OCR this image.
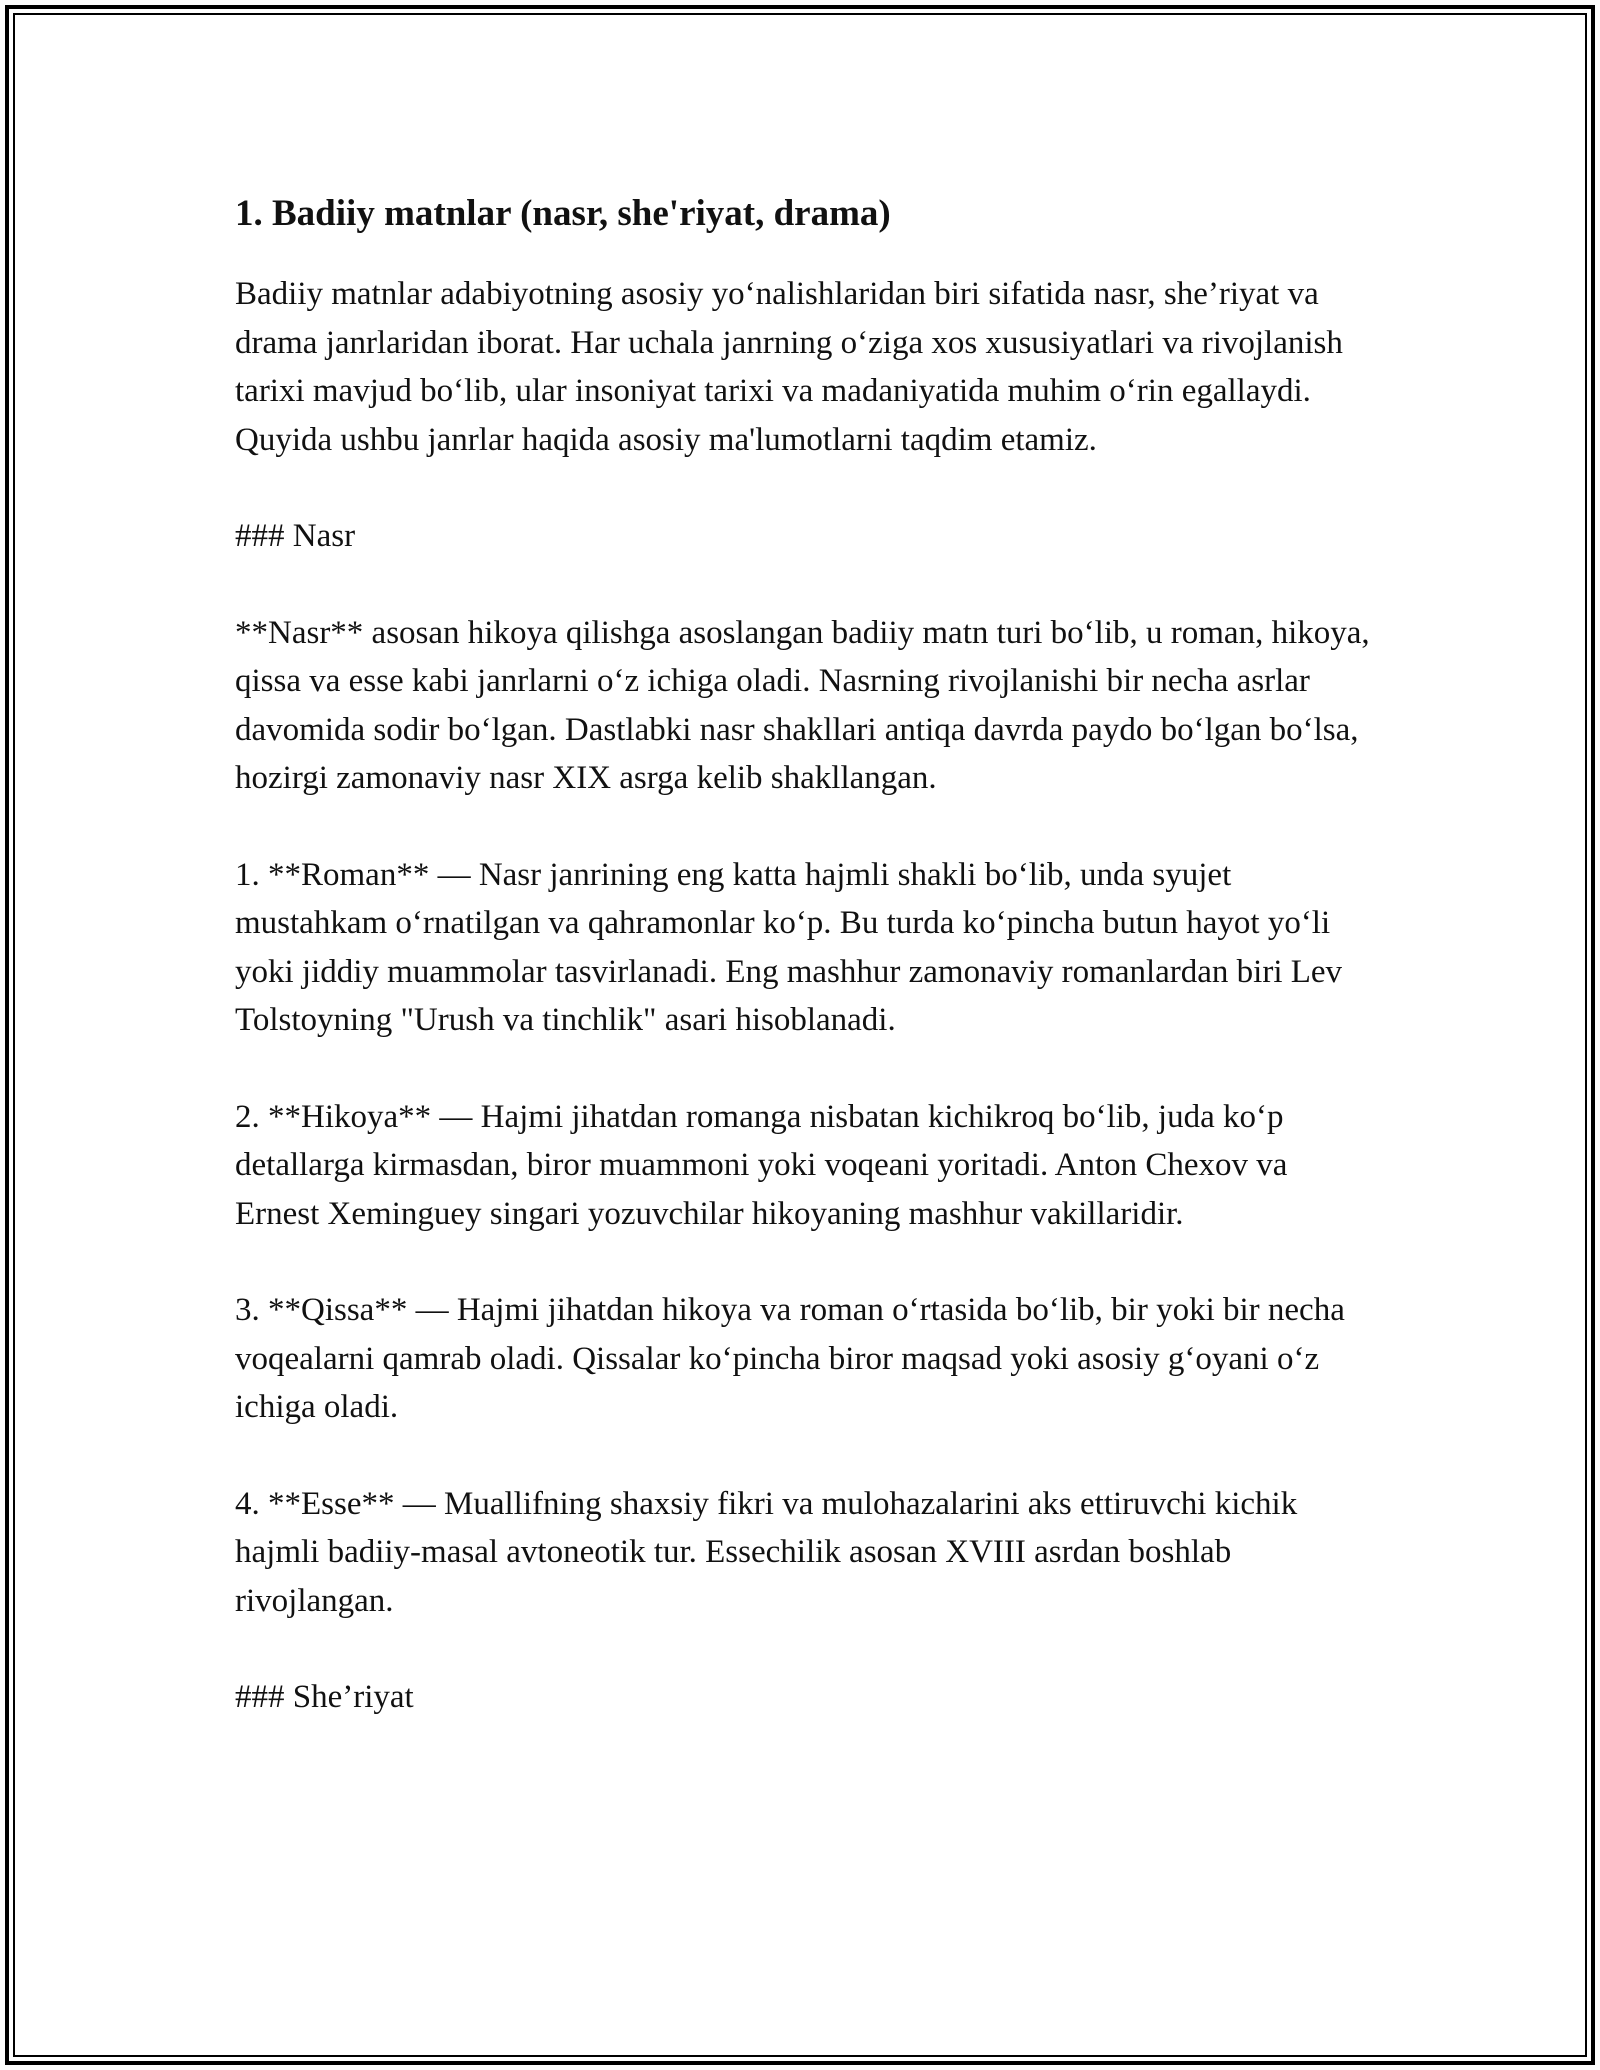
1. Badiiy matnlar (nasr, she'riyat, drama)

Badiiy matnlar adabiyotning asosiy yo‘nalishlaridan biri sifatida nasr, she’riyat va drama janrlaridan iborat. Har uchala janrning o‘ziga xos xususiyatlari va rivojlanish tarixi mavjud bo‘lib, ular insoniyat tarixi va madaniyatida muhim o‘rin egallaydi. Quyida ushbu janrlar haqida asosiy ma'lumotlarni taqdim etamiz.

### Nasr

**Nasr** asosan hikoya qilishga asoslangan badiiy matn turi bo‘lib, u roman, hikoya, qissa va esse kabi janrlarni o‘z ichiga oladi. Nasrning rivojlanishi bir necha asrlar davomida sodir bo‘lgan. Dastlabki nasr shakllari antiqa davrda paydo bo‘lgan bo‘lsa, hozirgi zamonaviy nasr XIX asrga kelib shakllangan.

1. **Roman** — Nasr janrining eng katta hajmli shakli bo‘lib, unda syujet mustahkam o‘rnatilgan va qahramonlar ko‘p. Bu turda ko‘pincha butun hayot yo‘li yoki jiddiy muammolar tasvirlanadi. Eng mashhur zamonaviy romanlardan biri Lev Tolstoyning "Urush va tinchlik" asari hisoblanadi.

2. **Hikoya** — Hajmi jihatdan romanga nisbatan kichikroq bo‘lib, juda ko‘p detallarga kirmasdan, biror muammoni yoki voqeani yoritadi. Anton Chexov va Ernest Xeminguey singari yozuvchilar hikoyaning mashhur vakillaridir.

3. **Qissa** — Hajmi jihatdan hikoya va roman o‘rtasida bo‘lib, bir yoki bir necha voqealarni qamrab oladi. Qissalar ko‘pincha biror maqsad yoki asosiy g‘oyani o‘z ichiga oladi.

4. **Esse** — Muallifning shaxsiy fikri va mulohazalarini aks ettiruvchi kichik hajmli badiiy-masal avtoneotik tur. Essechilik asosan XVIII asrdan boshlab rivojlangan.

### She’riyat
